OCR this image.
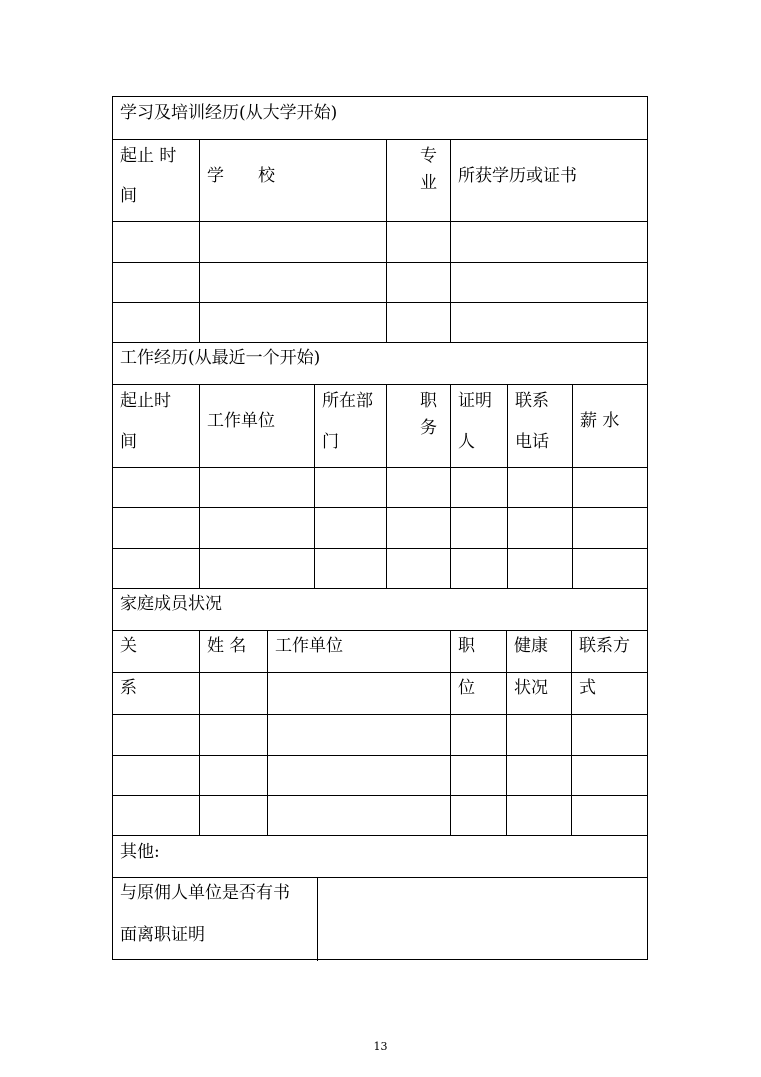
学习及培训经历(从大学开始)
起止 时
间
学　　校
专
业 所获学历或证书
工作经历(从最近一个开始)
起止时
间
工作单位
所在部
门
职
务
证明
人
联系
电话
薪 水
家庭成员状况
关
系
姓 名 工作单位	职
位
健康
状况
联系方
式
其他:
与原佣人单位是否有书
面离职证明
13
